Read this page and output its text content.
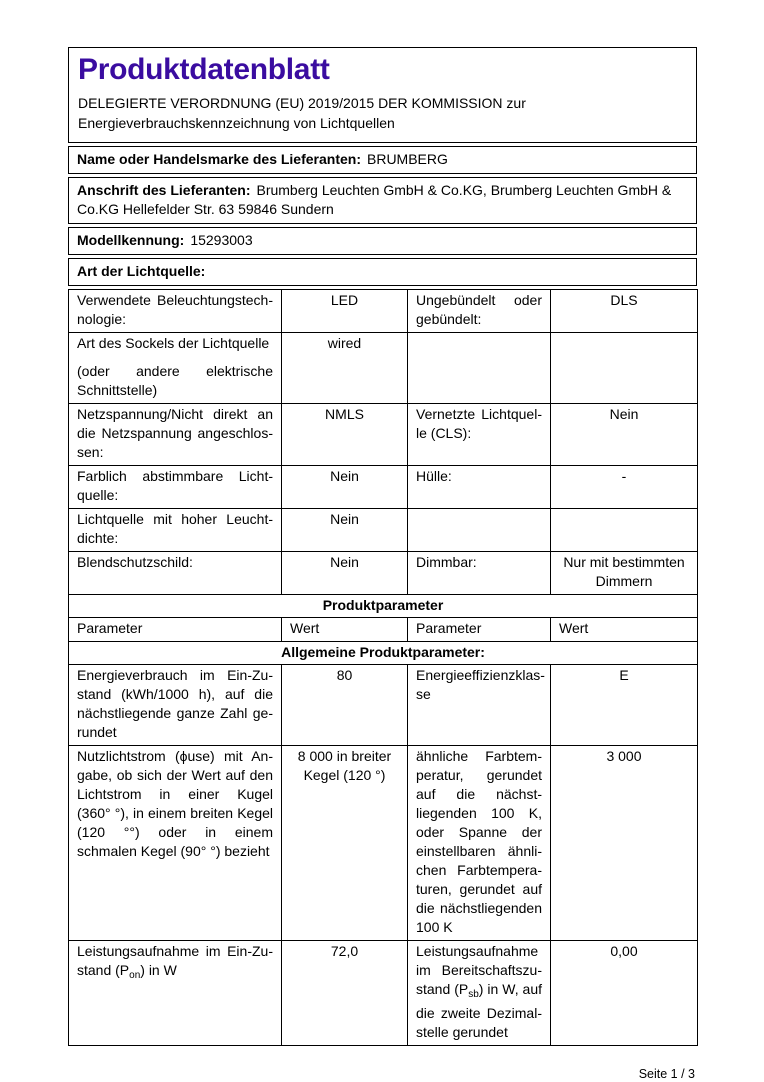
Produktdatenblatt

DELEGIERTE VERORDNUNG (EU) 2019/2015 DER KOMMISSION zur Energieverbrauchskennzeichnung von Lichtquellen

Name oder Handelsmarke des Lieferanten: BRUMBERG
Anschrift des Lieferanten: Brumberg Leuchten GmbH & Co.KG, Brumberg Leuchten GmbH & Co.KG Hellefelder Str. 63 59846 Sundern
Modellkennung: 15293003
Art der Lichtquelle:
Verwendete Beleuchtungstechnologie:	LED	Ungebündelt oder gebündelt:	DLS

Art des Sockels der Lichtquelle

(oder andere elektrische Schnittstelle)	wired		
Netzspannung/Nicht direkt an die Netzspannung angeschlossen:	NMLS	Vernetzte Lichtquelle (CLS):	Nein
Farblich abstimmbare Lichtquelle:	Nein	Hülle:	-
Lichtquelle mit hoher Leuchtdichte:	Nein		
Blendschutzschild:	Nein	Dimmbar:	Nur mit bestimmten Dimmern
Produktparameter			
Parameter	Wert	Parameter	Wert
Allgemeine Produktparameter:			
Energieverbrauch im Ein-Zustand (kWh/1000 h), auf die nächstliegende ganze Zahl gerundet	80	Energieeffizienzklasse	E
Nutzlichtstrom (ϕuse) mit Angabe, ob sich der Wert auf den Lichtstrom in einer Kugel (360° °), in einem breiten Kegel (120 °°) oder in einem schmalen Kegel (90° °) bezieht	8 000 in breiter Kegel (120 °)	ähnliche Farbtemperatur, gerundet auf die nächstliegenden 100 K, oder Spanne der einstellbaren ähnlichen Farbtemperaturen, gerundet auf die nächstliegenden 100 K	3 000
Leistungsaufnahme im Ein-Zustand $(P_{on})$ in W	72,0	Leistungsaufnahme im Bereitschaftszustand $(P_{sb})$ in W, auf die zweite Dezimalstelle gerundet	0,00
Seite 1 / 3
